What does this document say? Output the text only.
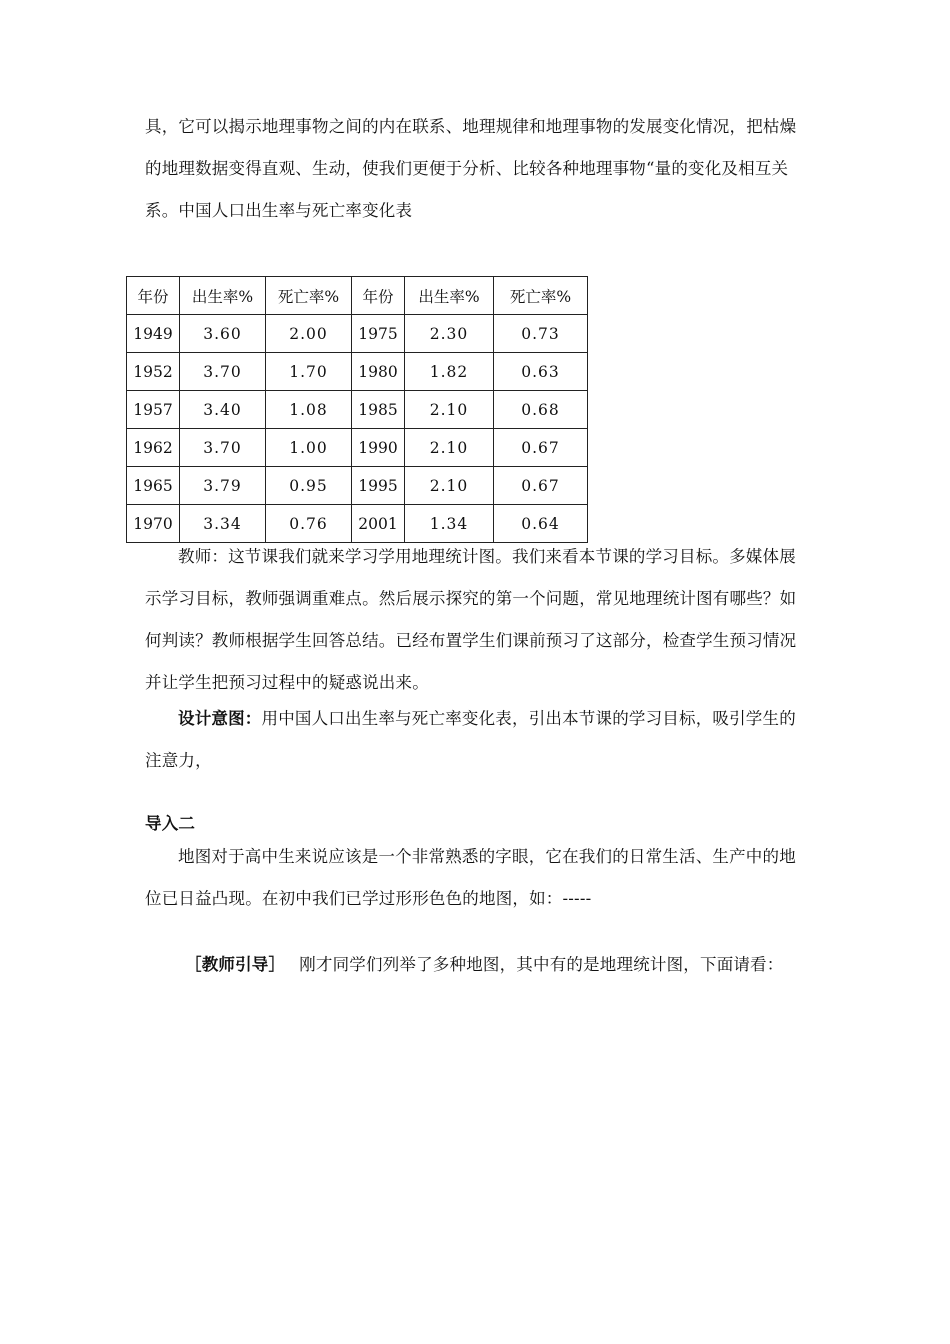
具，它可以揭示地理事物之间的内在联系、地理规律和地理事物的发展变化情况，把枯燥的地理数据变得直观、生动，使我们更便于分析、比较各种地理事物“量的变化及相互关系。中国人口出生率与死亡率变化表

年份	出生率%	死亡率%	年份	出生率%	死亡率%
1949	3.60	2.00	1975	2.30	0.73
1952	3.70	1.70	1980	1.82	0.63
1957	3.40	1.08	1985	2.10	0.68
1962	3.70	1.00	1990	2.10	0.67
1965	3.79	0.95	1995	2.10	0.67
1970	3.34	0.76	2001	1.34	0.64

教师：这节课我们就来学习学用地理统计图。我们来看本节课的学习目标。多媒体展示学习目标，教师强调重难点。然后展示探究的第一个问题，常见地理统计图有哪些？如何判读？教师根据学生回答总结。已经布置学生们课前预习了这部分，检查学生预习情况并让学生把预习过程中的疑惑说出来。

设计意图：用中国人口出生率与死亡率变化表，引出本节课的学习目标，吸引学生的注意力，

导入二

地图对于高中生来说应该是一个非常熟悉的字眼，它在我们的日常生活、生产中的地位已日益凸现。在初中我们已学过形形色色的地图，如：-----

［教师引导］ 刚才同学们列举了多种地图，其中有的是地理统计图，下面请看：
